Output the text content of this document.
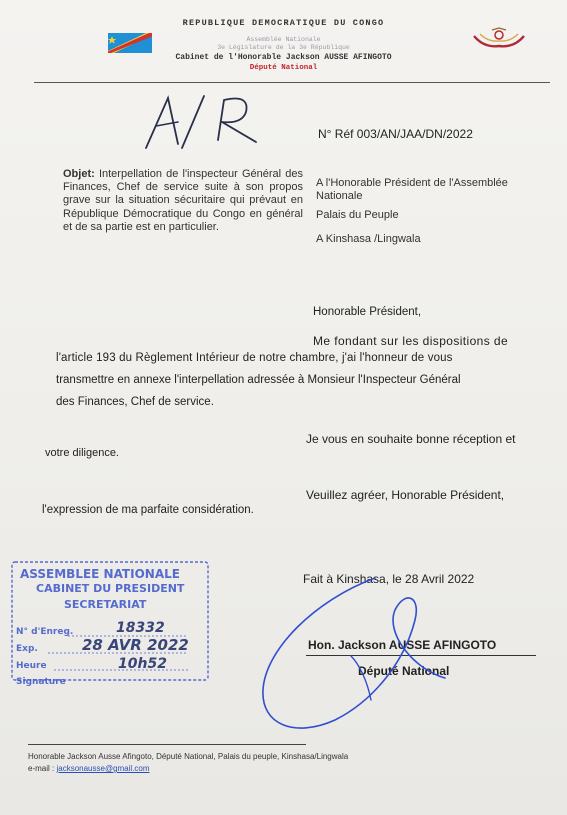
REPUBLIQUE DEMOCRATIQUE DU CONGO
Assemblée Nationale
3e Législature de la 3e République
Cabinet de l'Honorable Jackson AUSSE AFINGOTO
Député National
N° Réf 003/AN/JAA/DN/2022
Objet: Interpellation de l'inspecteur Général des Finances, Chef de service suite à son propos grave sur la situation sécuritaire qui prévaut en République Démocratique du Congo en général et de sa partie est en particulier.
A l'Honorable Président de l'Assemblée
Nationale
Palais du Peuple
A Kinshasa /Lingwala
Honorable Président,
Me fondant sur les dispositions de
l'article 193 du Règlement Intérieur de notre chambre, j'ai l'honneur de vous
transmettre en annexe l'interpellation adressée à Monsieur l'Inspecteur Général
des Finances, Chef de service.
Je vous en souhaite bonne réception et
votre diligence.
Veuillez agréer, Honorable Président,
l'expression de ma parfaite considération.
Fait à Kinshasa, le 28 Avril 2022
ASSEMBLEE NATIONALE
CABINET DU PRESIDENT
SECRETARIAT
N° d'Enreg.
Exp.
Heure
Signature
18332
28 AVR 2022
10h52
Hon. Jackson AUSSE AFINGOTO
Député National
Honorable Jackson Ausse Afingoto, Député National, Palais du peuple, Kinshasa/Lingwala
e-mail : jacksonausse@gmail.com
